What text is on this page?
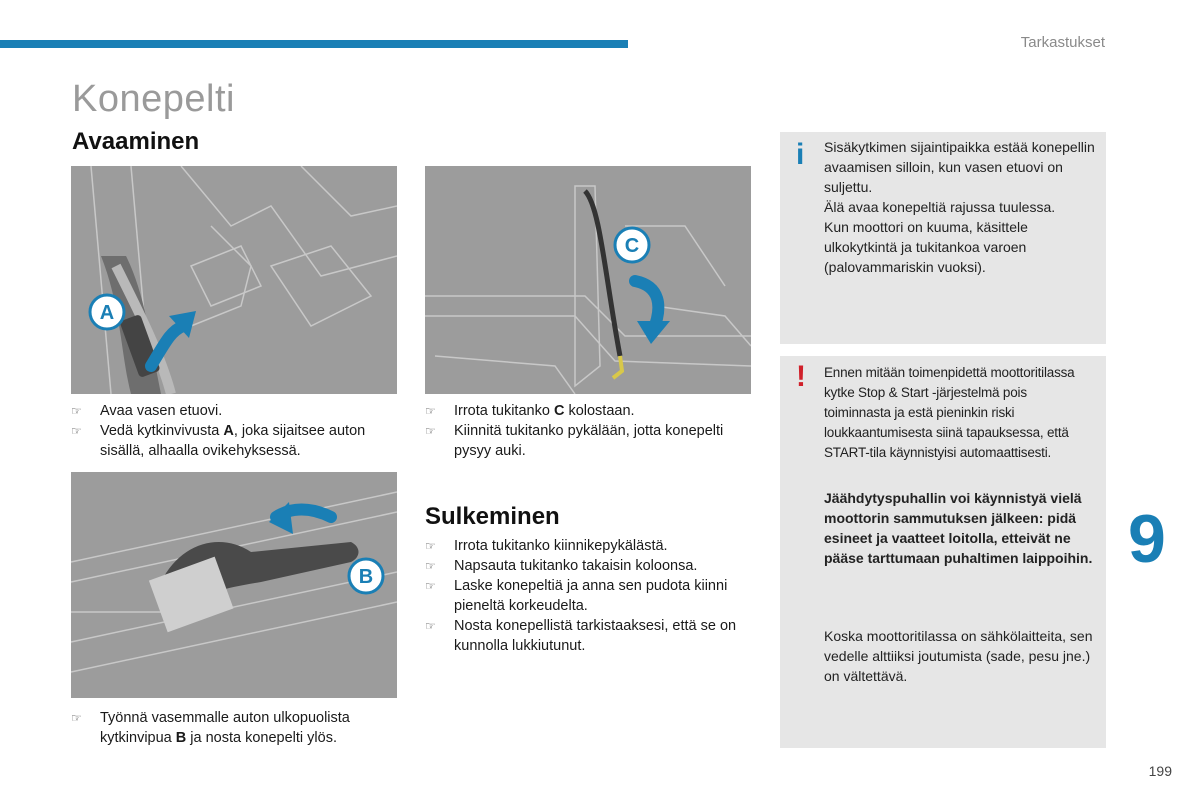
Tarkastukset
Konepelti
Avaaminen
A
C
☞ Avaa vasen etuovi.
☞ Vedä kytkinvivusta A, joka sijaitsee auton sisällä, alhaalla ovikehyksessä.
☞ Irrota tukitanko C kolostaan.
☞ Kiinnitä tukitanko pykälään, jotta konepelti pysyy auki.
B
☞ Työnnä vasemmalle auton ulkopuolista kytkinvipua B ja nosta konepelti ylös.
Sulkeminen
☞ Irrota tukitanko kiinnikepykälästä.
☞ Napsauta tukitanko takaisin koloonsa.
☞ Laske konepeltiä ja anna sen pudota kiinni pieneltä korkeudelta.
☞ Nosta konepellistä tarkistaaksesi, että se on kunnolla lukkiutunut.
i Sisäkytkimen sijaintipaikka estää konepellin avaamisen silloin, kun vasen etuovi on suljettu.
Älä avaa konepeltiä rajussa tuulessa.
Kun moottori on kuuma, käsittele ulkokytkintä ja tukitankoa varoen (palovammariskin vuoksi).
! Ennen mitään toimenpidettä moottoritilassa kytke Stop & Start -järjestelmä pois toiminnasta ja estä pieninkin riski loukkaantumisesta siinä tapauksessa, että START-tila käynnistyisi automaattisesti.
Jäähdytyspuhallin voi käynnistyä vielä moottorin sammutuksen jälkeen: pidä esineet ja vaatteet loitolla, etteivät ne pääse tarttumaan puhaltimen laippoihin.
Koska moottoritilassa on sähkölaitteita, sen vedelle alttiiksi joutumista (sade, pesu jne.) on vältettävä.
9
199
